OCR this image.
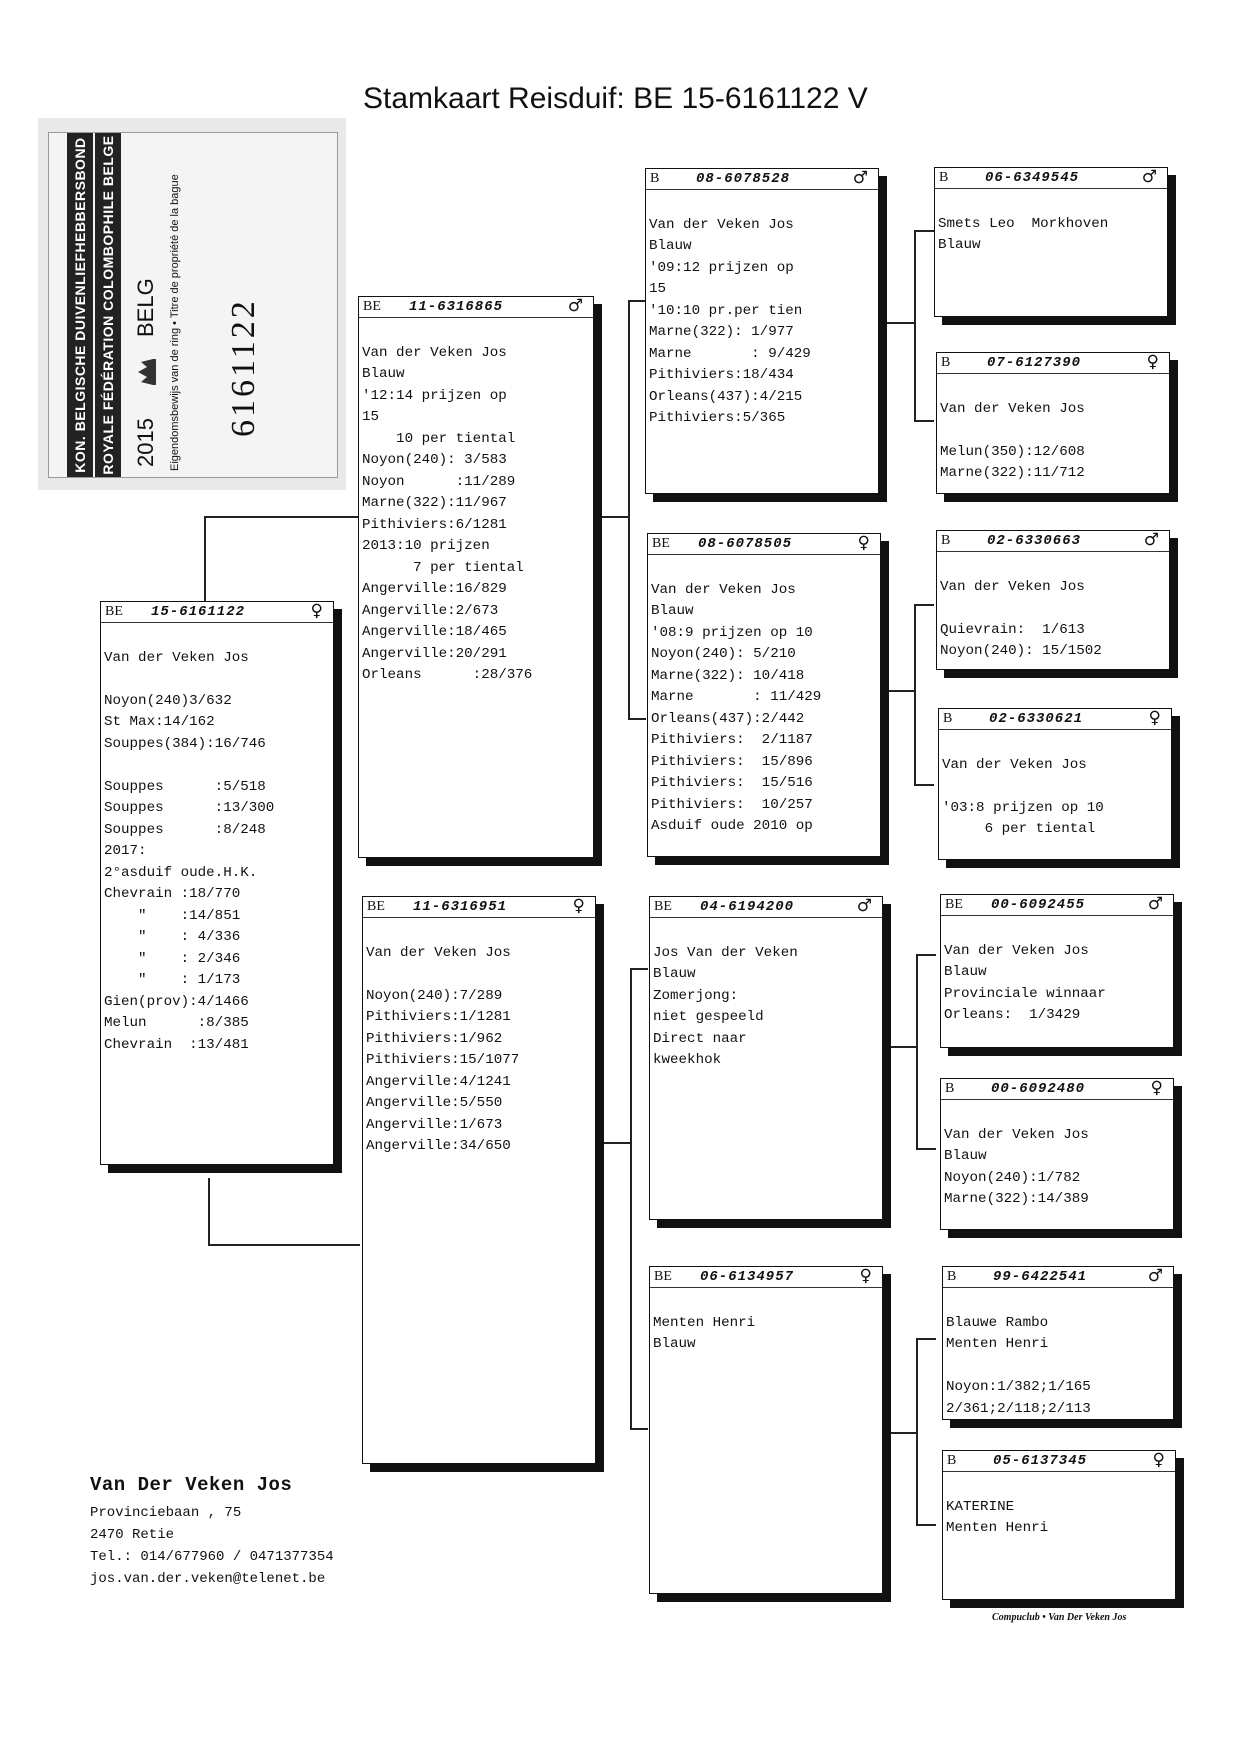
Stamkaart Reisduif: BE 15-6161122 V
KON. BELGISCHE DUIVENLIEFHEBBERSBOND ROYALE FÉDÉRATION COLOMBOPHILE BELGE 2015
BELG Eigendomsbewijs van de ring • Titre de propriété de la bague 6161122
BE 15-6161122	♀
Van der Veken Jos
Noyon(240)3/632
St Max:14/162
Souppes(384):16/746
Souppes      :5/518
Souppes      :13/300
Souppes      :8/248
2017:
2°asduif oude.H.K.
Chevrain :18/770
"    :14/851
"    : 4/336
"    : 2/346
"    : 1/173
Gien(prov):4/1466
Melun      :8/385
Chevrain  :13/481
BE 11-6316865	♂
Van der Veken Jos
Blauw
'12:14 prijzen op
15
10 per tiental
Noyon(240): 3/583
Noyon      :11/289
Marne(322):11/967
Pithiviers:6/1281
2013:10 prijzen
7 per tiental
Angerville:16/829
Angerville:2/673
Angerville:18/465
Angerville:20/291
Orleans      :28/376
BE 11-6316951	♀
Van der Veken Jos
Noyon(240):7/289
Pithiviers:1/1281
Pithiviers:1/962
Pithiviers:15/1077
Angerville:4/1241
Angerville:5/550
Angerville:1/673
Angerville:34/650
B	08-6078528	♂
Van der Veken Jos
Blauw
'09:12 prijzen op
15
'10:10 pr.per tien
Marne(322): 1/977
Marne       : 9/429
Pithiviers:18/434
Orleans(437):4/215
Pithiviers:5/365
BE 08-6078505	♀
Van der Veken Jos
Blauw
'08:9 prijzen op 10
Noyon(240): 5/210
Marne(322): 10/418
Marne       : 11/429
Orleans(437):2/442
Pithiviers:  2/1187
Pithiviers:  15/896
Pithiviers:  15/516
Pithiviers:  10/257
Asduif oude 2010 op
BE 04-6194200	♂
Jos Van der Veken
Blauw
Zomerjong:
niet gespeeld
Direct naar
kweekhok
BE 06-6134957	♀
Menten Henri
Blauw
B	06-6349545	♂
Smets Leo  Morkhoven
Blauw
B	07-6127390	♀
Van der Veken Jos
Melun(350):12/608
Marne(322):11/712
B	02-6330663	♂
Van der Veken Jos
Quievrain:  1/613
Noyon(240): 15/1502
B	02-6330621	♀
Van der Veken Jos
'03:8 prijzen op 10
6 per tiental
BE 00-6092455	♂
Van der Veken Jos
Blauw
Provinciale winnaar
Orleans:  1/3429
B	00-6092480	♀
Van der Veken Jos
Blauw
Noyon(240):1/782
Marne(322):14/389
B	99-6422541	♂
Blauwe Rambo
Menten Henri
Noyon:1/382;1/165
2/361;2/118;2/113
B	05-6137345	♀
KATERINE
Menten Henri
Van Der Veken Jos
Provinciebaan , 75
2470 Retie
Tel.: 014/677960 / 0471377354
jos.van.der.veken@telenet.be
Compuclub • Van Der Veken Jos
